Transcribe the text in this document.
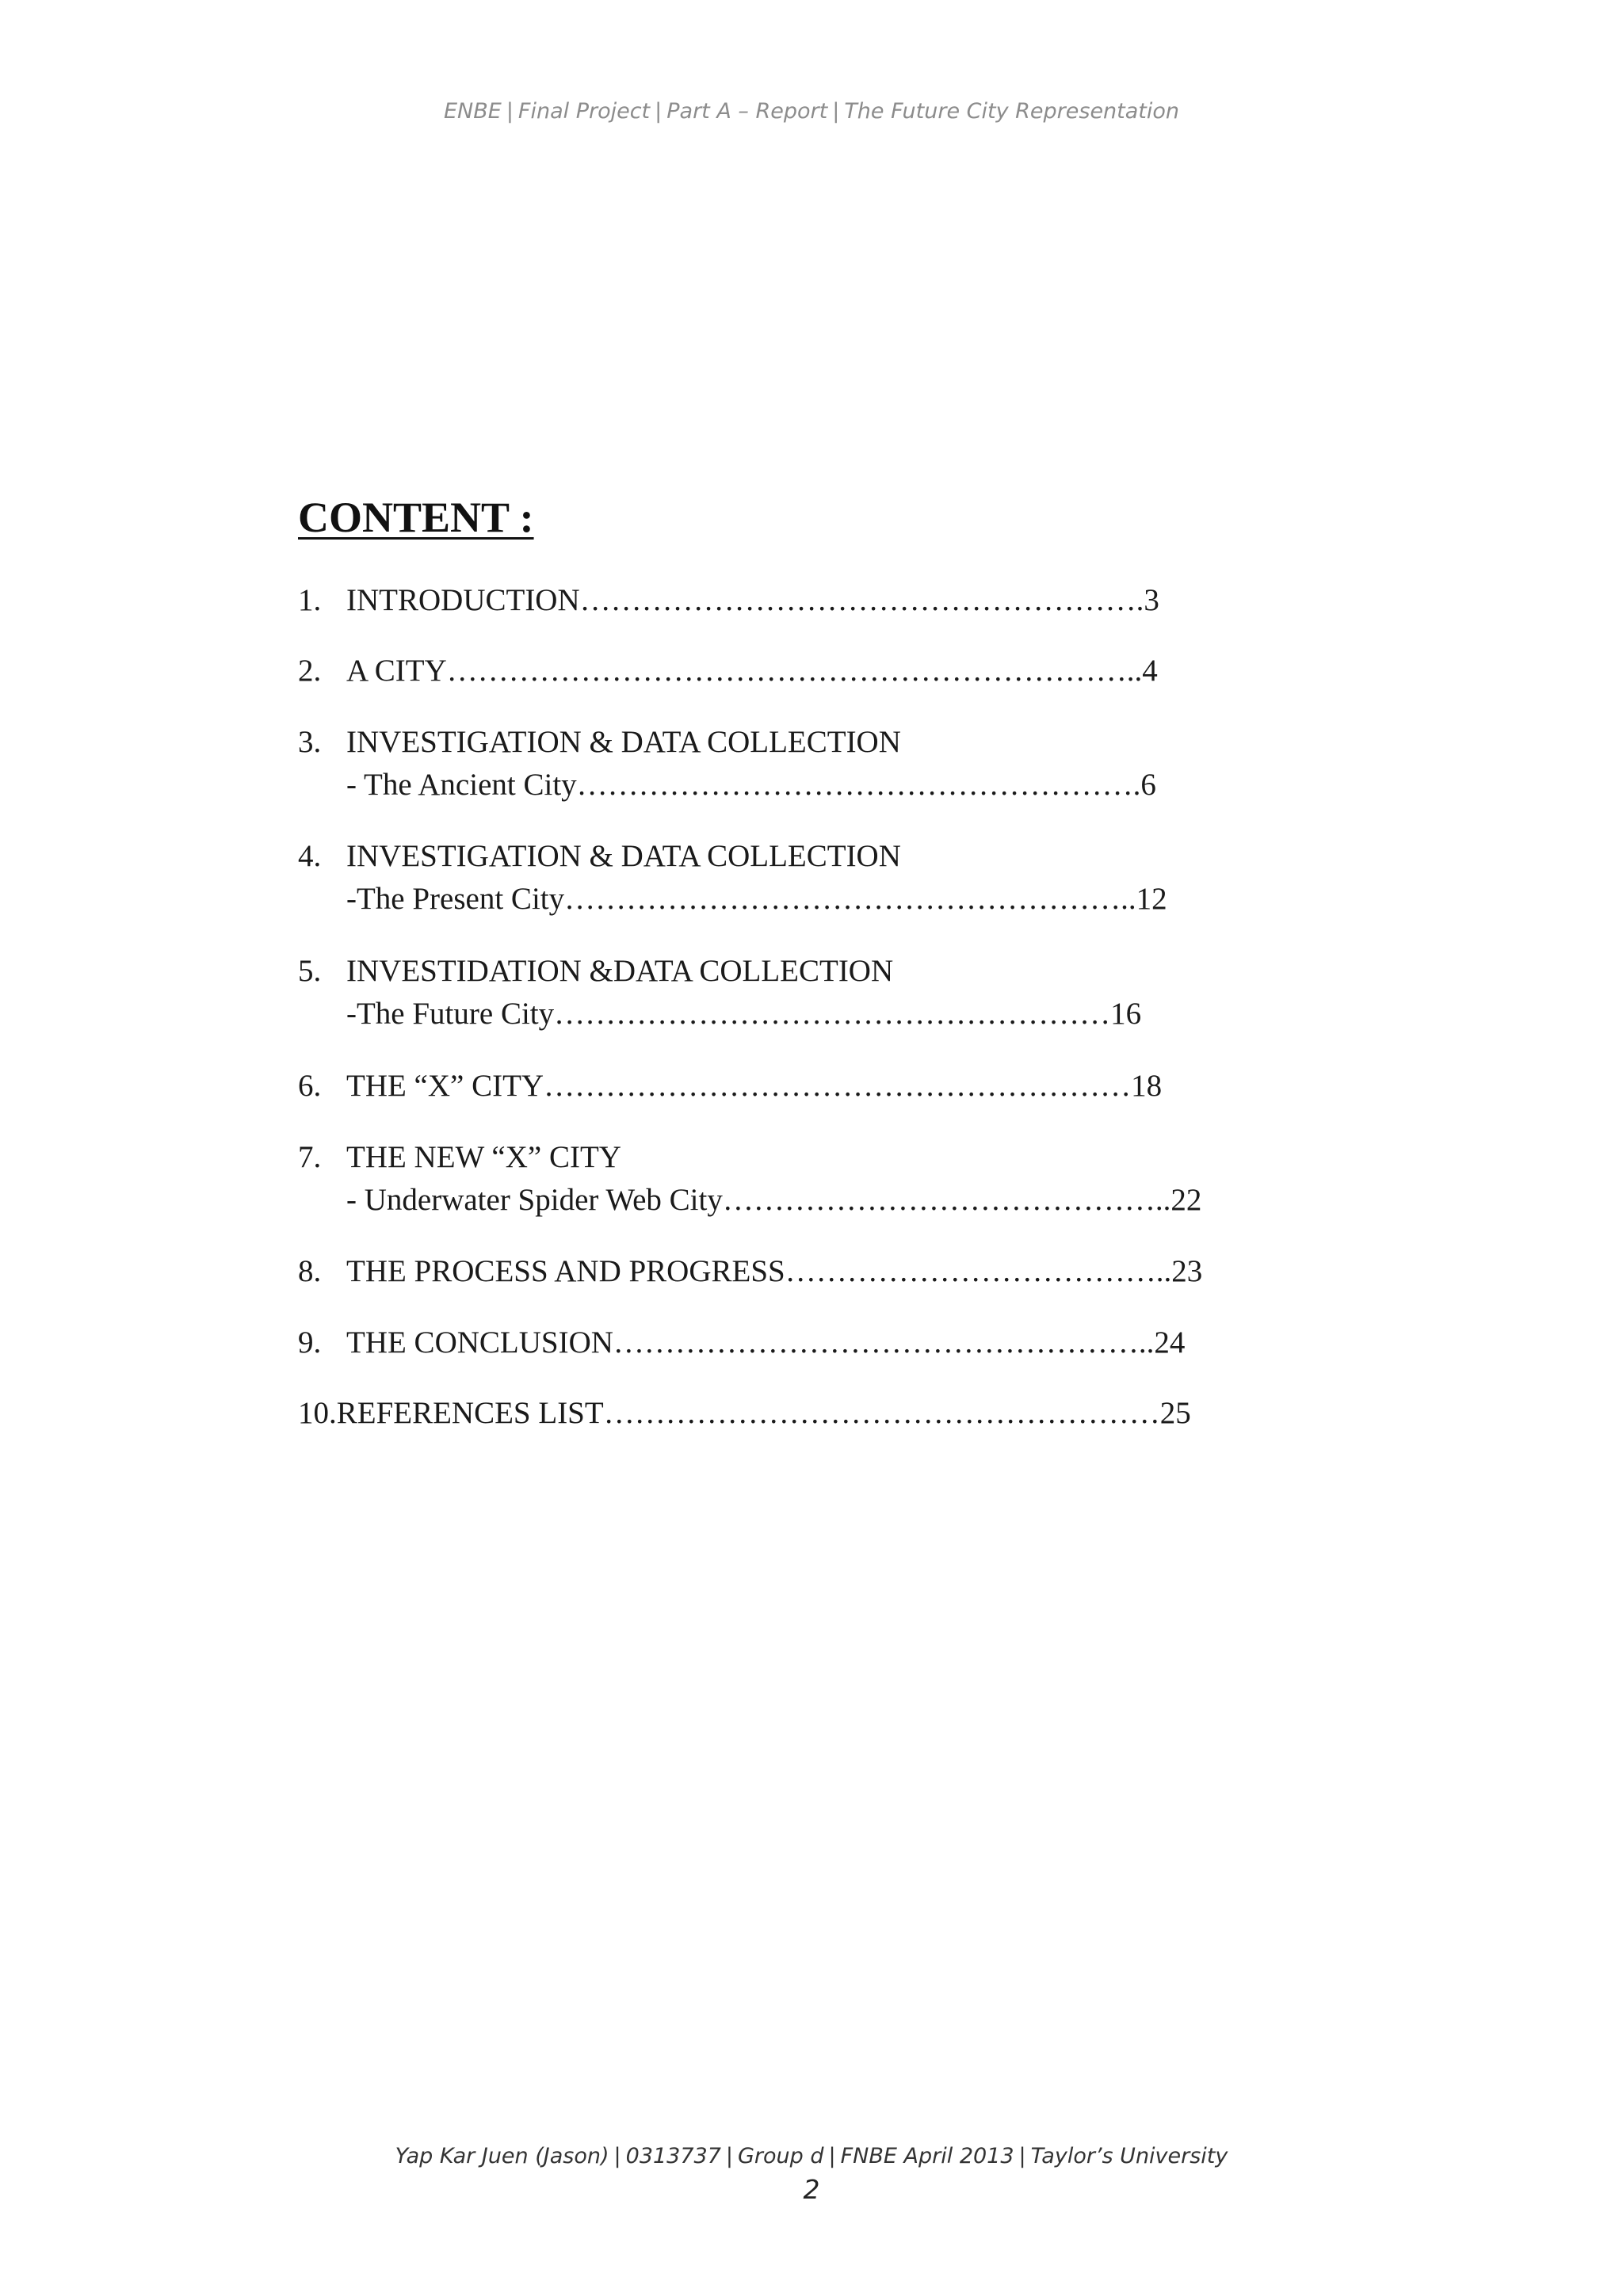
ENBE | Final Project | Part A – Report | The Future City Representation
CONTENT :
1. INTRODUCTION……………………………………………….3
2. A CITY…………………………………………………………..4
3. INVESTIGATION & DATA COLLECTION
- The Ancient City……………………………………………….6
4. INVESTIGATION & DATA COLLECTION
-The Present City………………………………………………..12
5. INVESTIDATION &DATA COLLECTION
-The Future City………………………………………………16
6. THE “X” CITY…………………………………………………18
7. THE NEW “X” CITY
- Underwater Spider Web City……………………………………..22
8. THE PROCESS AND PROGRESS………………………………..23
9. THE CONCLUSION……………………………………………..24
10.REFERENCES LIST………………………………………………25
Yap Kar Juen (Jason) | 0313737 | Group d | FNBE April 2013 | Taylor’s University
2
